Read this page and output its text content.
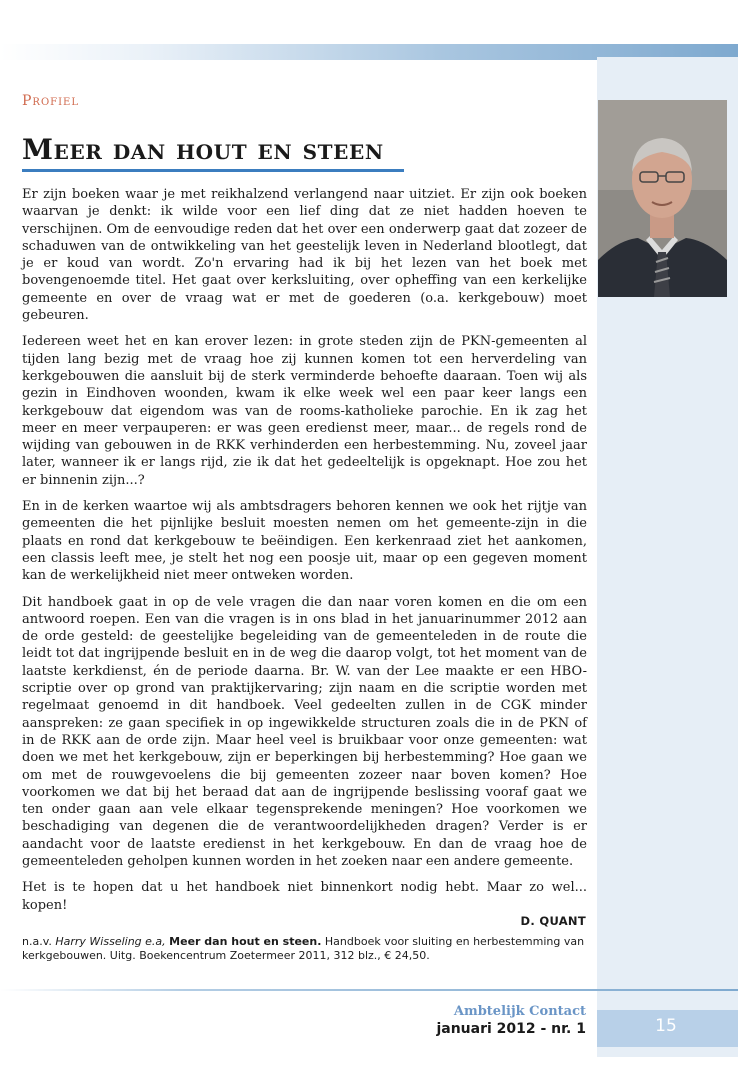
Profiel
Meer dan hout en steen

Er zijn boeken waar je met reikhalzend verlangend naar uitziet. Er zijn ook boeken waarvan je denkt: ik wilde voor een lief ding dat ze niet hadden hoeven te verschijnen. Om de eenvoudige reden dat het over een onderwerp gaat dat zozeer de schaduwen van de ontwikkeling van het geestelijk leven in Nederland blootlegt, dat je er koud van wordt. Zo'n ervaring had ik bij het lezen van het boek met bovengenoemde titel. Het gaat over kerksluiting, over opheffing van een kerkelijke gemeente en over de vraag wat er met de goederen (o.a. kerkgebouw) moet gebeuren.

Iedereen weet het en kan erover lezen: in grote steden zijn de PKN-gemeenten al tijden lang bezig met de vraag hoe zij kunnen komen tot een herverdeling van kerkgebouwen die aansluit bij de sterk verminderde behoefte daaraan. Toen wij als gezin in Eindhoven woonden, kwam ik elke week wel een paar keer langs een kerkgebouw dat eigendom was van de rooms-katholieke parochie. En ik zag het meer en meer verpauperen: er was geen eredienst meer, maar... de regels rond de wijding van gebouwen in de RKK verhinderden een herbestemming. Nu, zoveel jaar later, wanneer ik er langs rijd, zie ik dat het gedeeltelijk is opgeknapt. Hoe zou het er binnenin zijn...?

En in de kerken waartoe wij als ambtsdragers behoren kennen we ook het rijtje van gemeenten die het pijnlijke besluit moesten nemen om het gemeente-zijn in die plaats en rond dat kerkgebouw te beëindigen. Een kerkenraad ziet het aankomen, een classis leeft mee, je stelt het nog een poosje uit, maar op een gegeven moment kan de werkelijkheid niet meer ontweken worden.

Dit handboek gaat in op de vele vragen die dan naar voren komen en die om een antwoord roepen. Een van die vragen is in ons blad in het januarinummer 2012 aan de orde gesteld: de geestelijke begeleiding van de gemeenteleden in de route die leidt tot dat ingrijpende besluit en in de weg die daarop volgt, tot het moment van de laatste kerkdienst, én de periode daarna. Br. W. van der Lee maakte er een HBO-scriptie over op grond van praktijkervaring; zijn naam en die scriptie worden met regelmaat genoemd in dit handboek. Veel gedeelten zullen in de CGK minder aanspreken: ze gaan specifiek in op ingewikkelde structuren zoals die in de PKN of in de RKK aan de orde zijn. Maar heel veel is bruikbaar voor onze gemeenten: wat doen we met het kerkgebouw, zijn er beperkingen bij herbestemming? Hoe gaan we om met de rouwgevoelens die bij gemeenten zozeer naar boven komen? Hoe voorkomen we dat bij het beraad dat aan de ingrijpende beslissing vooraf gaat we ten onder gaan aan vele elkaar tegensprekende meningen? Hoe voorkomen we beschadiging van degenen die de verantwoordelijkheden dragen? Verder is er aandacht voor de laatste eredienst in het kerkgebouw. En dan de vraag hoe de gemeenteleden geholpen kunnen worden in het zoeken naar een andere gemeente.

Het is te hopen dat u het handboek niet binnenkort nodig hebt. Maar zo wel... kopen!

D. QUANT
n.a.v. Harry Wisseling e.a, Meer dan hout en steen. Handboek voor sluiting en herbestemming van kerkgebouwen. Uitg. Boekencentrum Zoetermeer 2011, 312 blz., € 24,50.
Ambtelijk Contact
januari 2012 - nr. 1	15
